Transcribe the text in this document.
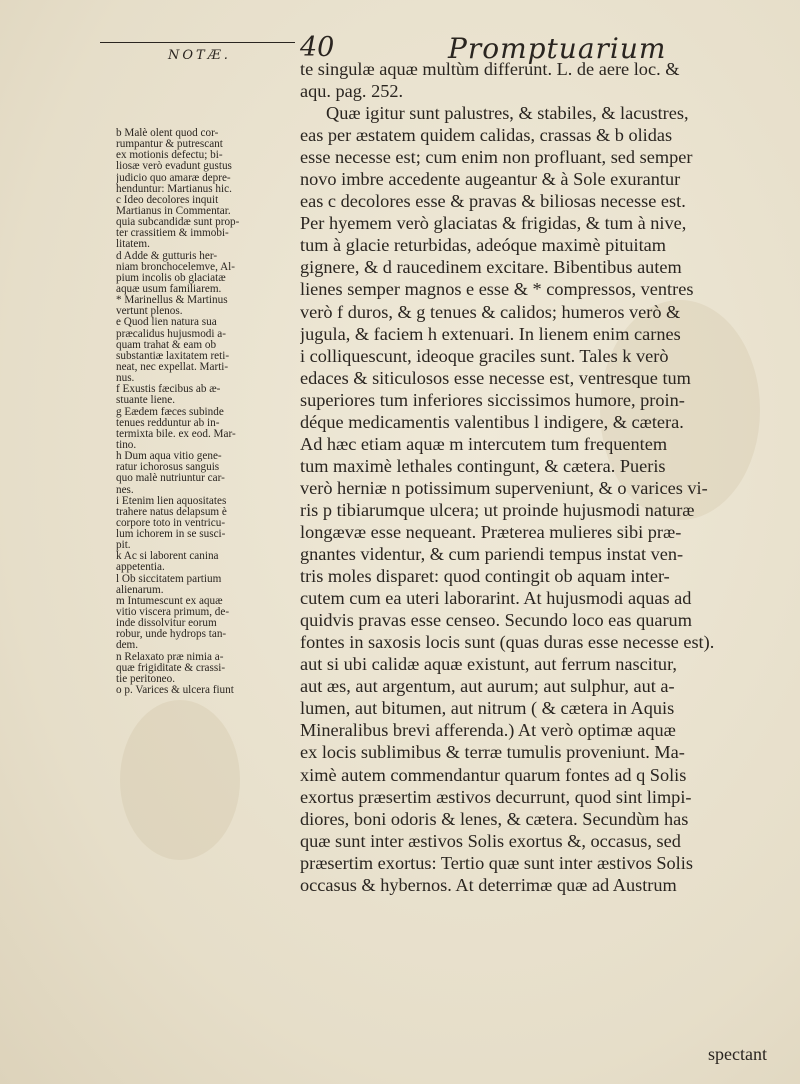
NOTÆ.	40	Promptuarium
te singulæ aquæ multùm differunt. L. de aere loc. &
aqu. pag. 252.
Quæ igitur sunt palustres, & stabiles, & lacustres,
eas per æstatem quidem calidas, crassas & b olidas
esse necesse est; cum enim non profluant, sed semper
novo imbre accedente augeantur & à Sole exurantur
eas c decolores esse & pravas & biliosas necesse est.
Per hyemem verò glaciatas & frigidas, & tum à nive,
tum à glacie returbidas, adeóque maximè pituitam
gignere, & d raucedinem excitare. Bibentibus autem
lienes semper magnos e esse & * compressos, ventres
verò f duros, & g tenues & calidos; humeros verò &
jugula, & faciem h extenuari. In lienem enim carnes
i colliquescunt, ideoque graciles sunt. Tales k verò
edaces & siticulosos esse necesse est, ventresque tum
superiores tum inferiores siccissimos humore, proin-
déque medicamentis valentibus l indigere, & cætera.
Ad hæc etiam aquæ m intercutem tum frequentem
tum maximè lethales contingunt, & cætera. Pueris
verò herniæ n potissimum superveniunt, & o varices vi-
ris p tibiarumque ulcera; ut proinde hujusmodi naturæ
longævæ esse nequeant. Præterea mulieres sibi præ-
gnantes videntur, & cum pariendi tempus instat ven-
tris moles disparet: quod contingit ob aquam inter-
cutem cum ea uteri laborarint. At hujusmodi aquas ad
quidvis pravas esse censeo. Secundo loco eas quarum
fontes in saxosis locis sunt (quas duras esse necesse est).
aut si ubi calidæ aquæ existunt, aut ferrum nascitur,
aut æs, aut argentum, aut aurum; aut sulphur, aut a-
lumen, aut bitumen, aut nitrum ( & cætera in Aquis
Mineralibus brevi afferenda.) At verò optimæ aquæ
ex locis sublimibus & terræ tumulis proveniunt. Ma-
ximè autem commendantur quarum fontes ad q Solis
exortus præsertim æstivos decurrunt, quod sint limpi-
diores, boni odoris & lenes, & cætera. Secundùm has
quæ sunt inter æstivos Solis exortus &, occasus, sed
præsertim exortus: Tertio quæ sunt inter æstivos Solis
occasus & hybernos. At deterrimæ quæ ad Austrum
b Malè olent quod cor-
rumpantur & putrescant
ex motionis defectu; bi-
liosæ verò evadunt gustus
judicio quo amaræ depre-
henduntur: Martianus hic.
c Ideo decolores inquit
Martianus in Commentar.
quia subcandidæ sunt prop-
ter crassitiem & immobi-
litatem.
d Adde & gutturis her-
niam bronchocelemve, Al-
pium incolis ob glaciatæ
aquæ usum familiarem.
* Marinellus & Martinus
vertunt plenos.
e Quod lien natura sua
præcalidus hujusmodi a-
quam trahat & eam ob
substantiæ laxitatem reti-
neat, nec expellat. Marti-
nus.
f Exustis fæcibus ab æ-
stuante liene.
g Eædem fæces subinde
tenues redduntur ab in-
termixta bile. ex eod. Mar-
tino.
h Dum aqua vitio gene-
ratur ichorosus sanguis
quo malè nutriuntur car-
nes.
i Etenim lien aquositates
trahere natus delapsum è
corpore toto in ventricu-
lum ichorem in se susci-
pit.
k Ac si laborent canina
appetentia.
l Ob siccitatem partium
alienarum.
m Intumescunt ex aquæ
vitio viscera primum, de-
inde dissolvitur eorum
robur, unde hydrops tan-
dem.
n Relaxato præ nimia a-
quæ frigiditate & crassi-
tie peritoneo.
o p. Varices & ulcera fiunt
spectant
